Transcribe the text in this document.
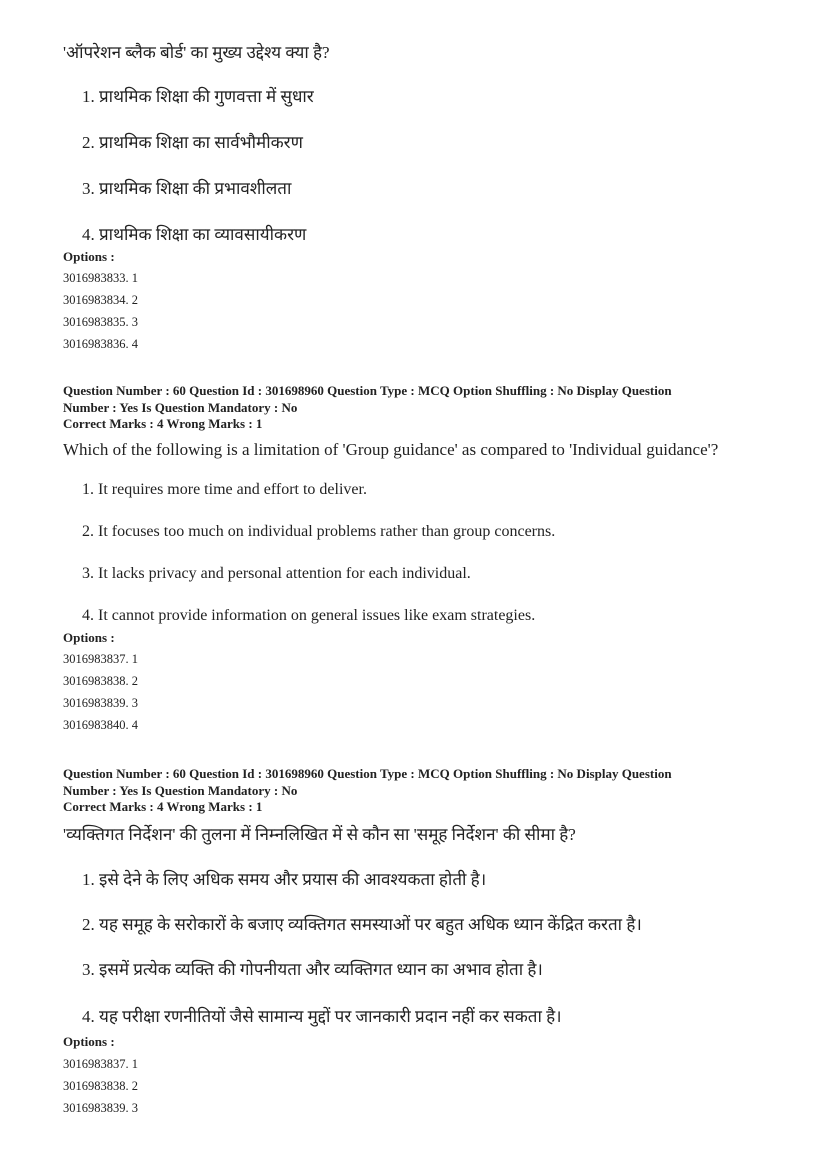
'ऑपरेशन ब्लैक बोर्ड' का मुख्य उद्देश्य क्या है?
1. प्राथमिक शिक्षा की गुणवत्ता में सुधार
2. प्राथमिक शिक्षा का सार्वभौमीकरण
3. प्राथमिक शिक्षा की प्रभावशीलता
4. प्राथमिक शिक्षा का व्यावसायीकरण
Options :
3016983833. 1
3016983834. 2
3016983835. 3
3016983836. 4
Question Number : 60 Question Id : 301698960 Question Type : MCQ Option Shuffling : No Display Question
Number : Yes Is Question Mandatory : No
Correct Marks : 4 Wrong Marks : 1
Which of the following is a limitation of 'Group guidance' as compared to 'Individual guidance'?
1. It requires more time and effort to deliver.
2. It focuses too much on individual problems rather than group concerns.
3. It lacks privacy and personal attention for each individual.
4. It cannot provide information on general issues like exam strategies.
Options :
3016983837. 1
3016983838. 2
3016983839. 3
3016983840. 4
Question Number : 60 Question Id : 301698960 Question Type : MCQ Option Shuffling : No Display Question
Number : Yes Is Question Mandatory : No
Correct Marks : 4 Wrong Marks : 1
'व्यक्तिगत निर्देशन' की तुलना में निम्नलिखित में से कौन सा 'समूह निर्देशन' की सीमा है?
1. इसे देने के लिए अधिक समय और प्रयास की आवश्यकता होती है।
2. यह समूह के सरोकारों के बजाए व्यक्तिगत समस्याओं पर बहुत अधिक ध्यान केंद्रित करता है।
3. इसमें प्रत्येक व्यक्ति की गोपनीयता और व्यक्तिगत ध्यान का अभाव होता है।
4. यह परीक्षा रणनीतियों जैसे सामान्य मुद्दों पर जानकारी प्रदान नहीं कर सकता है।
Options :
3016983837. 1
3016983838. 2
3016983839. 3
